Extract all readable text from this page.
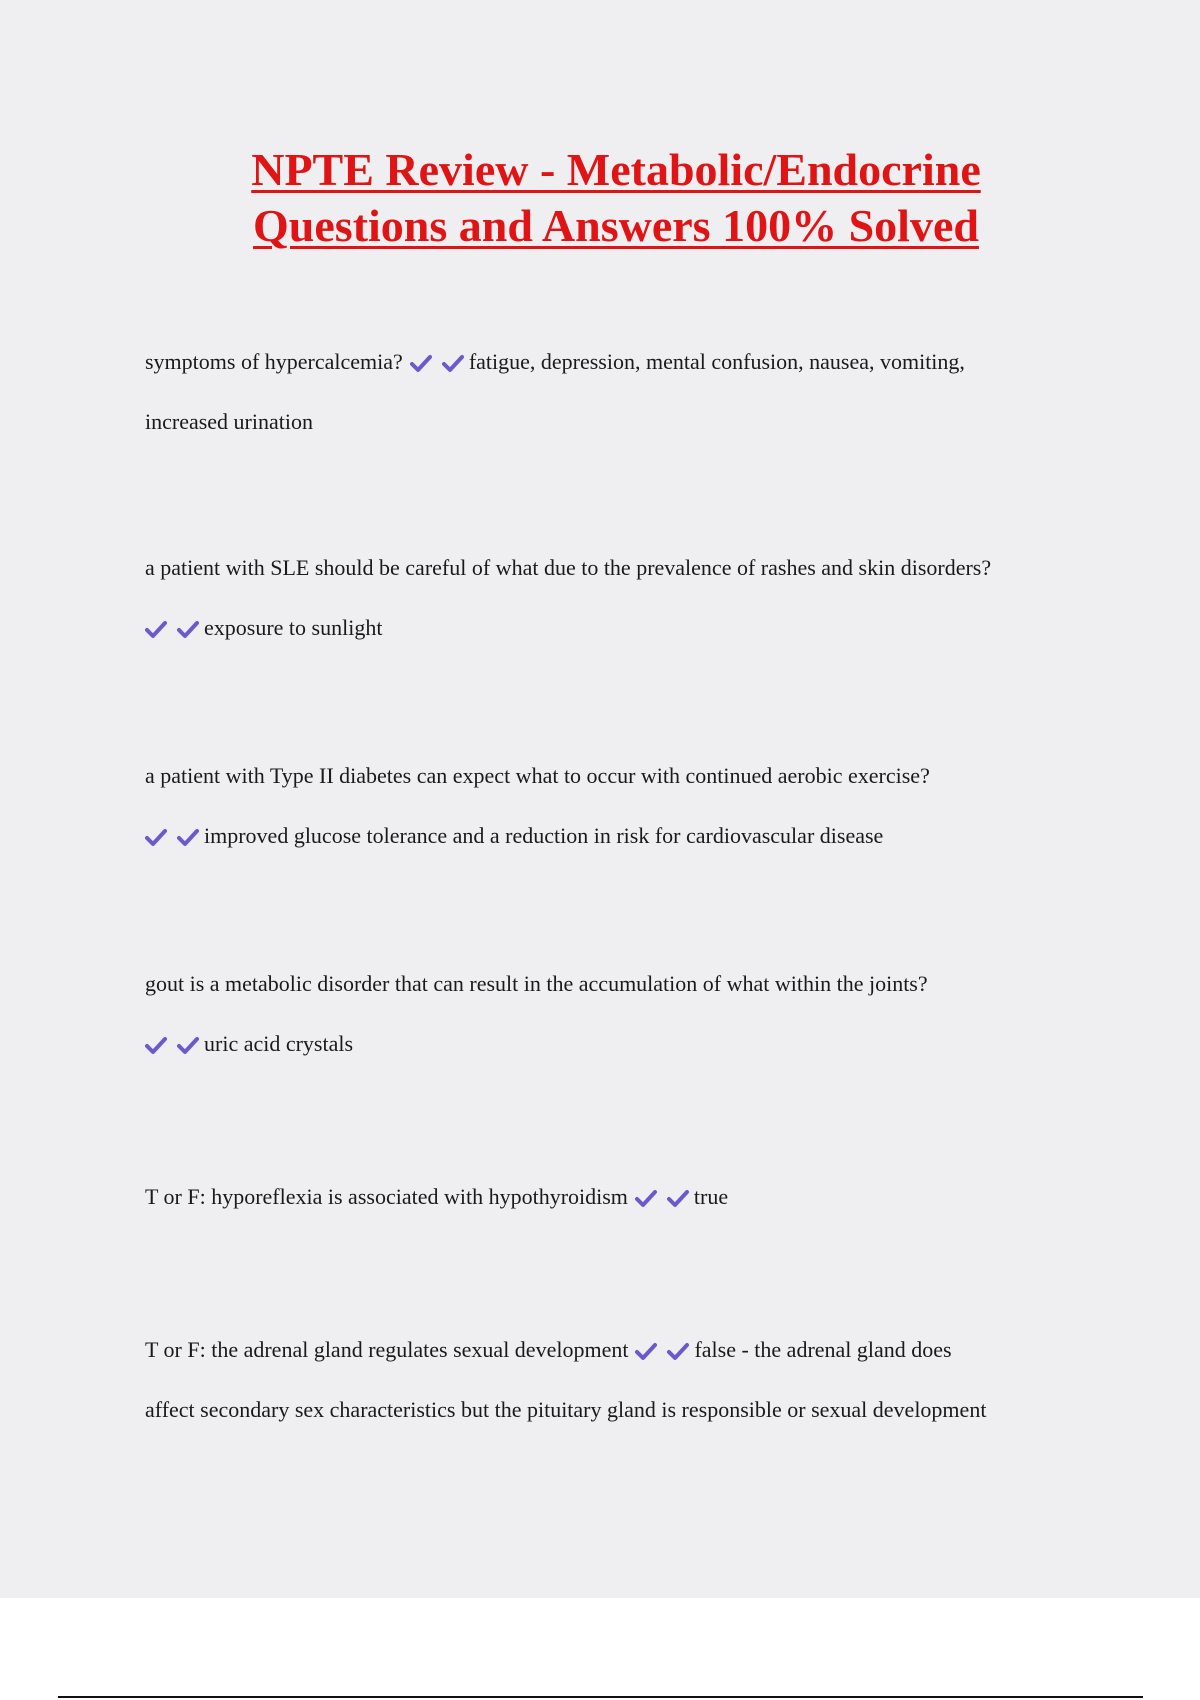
NPTE Review - Metabolic/Endocrine
Questions and Answers 100% Solved
symptoms of hypercalcemia?	fatigue, depression, mental confusion, nausea, vomiting,
increased urination
a patient with SLE should be careful of what due to the prevalence of rashes and skin disorders?
exposure to sunlight
a patient with Type II diabetes can expect what to occur with continued aerobic exercise?
improved glucose tolerance and a reduction in risk for cardiovascular disease
gout is a metabolic disorder that can result in the accumulation of what within the joints?
uric acid crystals
T or F: hyporeflexia is associated with hypothyroidism	true
T or F: the adrenal gland regulates sexual development	false - the adrenal gland does
affect secondary sex characteristics but the pituitary gland is responsible or sexual development
